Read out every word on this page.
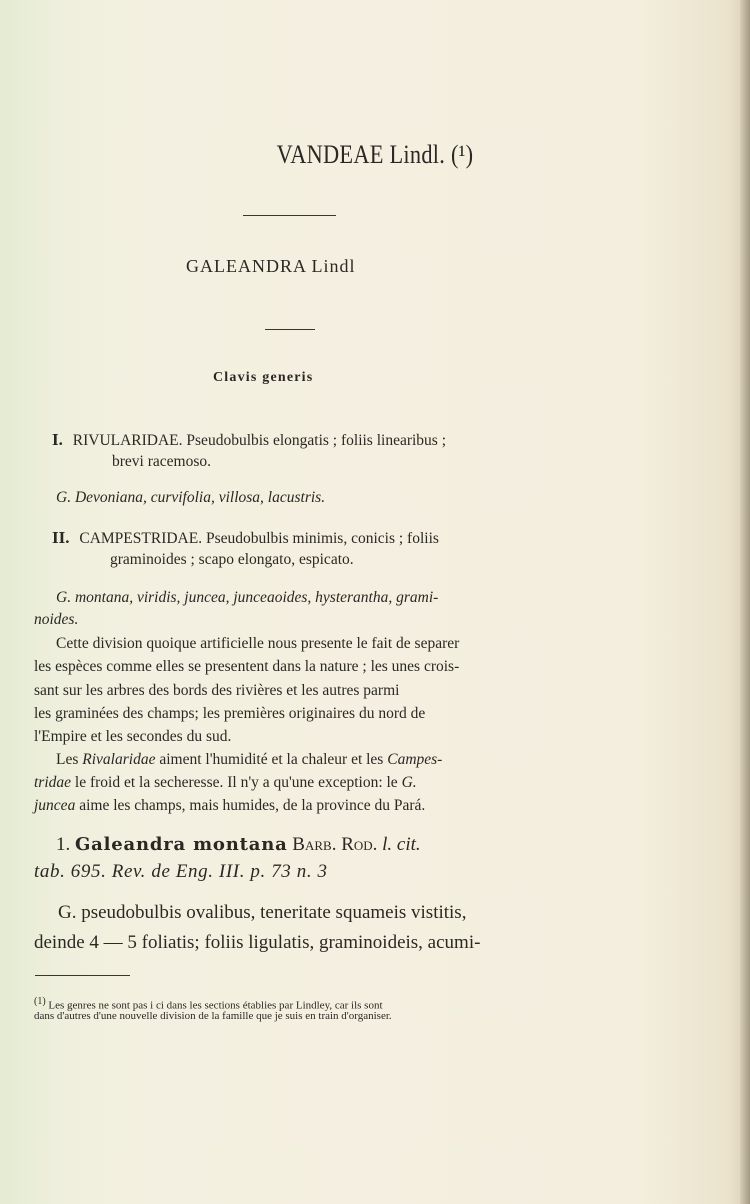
VANDEAE Lindl. (¹)
GALEANDRA Lindl
Clavis generis
I. RIVULARIDAE. Pseudobulbis elongatis ; foliis linearibus ;
brevi racemoso.
G. Devoniana, curvifolia, villosa, lacustris.
II. CAMPESTRIDAE. Pseudobulbis minimis, conicis ; foliis
graminoides ; scapo elongato, espicato.
G. montana, viridis, juncea, junceaoides, hysterantha, grami-
noides.
Cette division quoique artificielle nous presente le fait de separer
les espèces comme elles se presentent dans la nature ; les unes crois-
sant sur les arbres des bords des rivières et les autres parmi
les graminées des champs; les premières originaires du nord de
l'Empire et les secondes du sud.
Les Rivalaridae aiment l'humidité et la chaleur et les Campes-
tridae le froid et la secheresse. Il n'y a qu'une exception: le G.
juncea aime les champs, mais humides, de la province du Pará.
1. Galeandra montana Barb. Rod. l. cit.
tab. 695. Rev. de Eng. III. p. 73 n. 3
G. pseudobulbis ovalibus, teneritate squameis vistitis,
deinde 4 — 5 foliatis; foliis ligulatis, graminoideis, acumi-
$^{(1)}$ Les genres ne sont pas i ci dans les sections établies par Lindley, car ils sont
dans d'autres d'une nouvelle division de la famille que je suis en train d'organiser.
